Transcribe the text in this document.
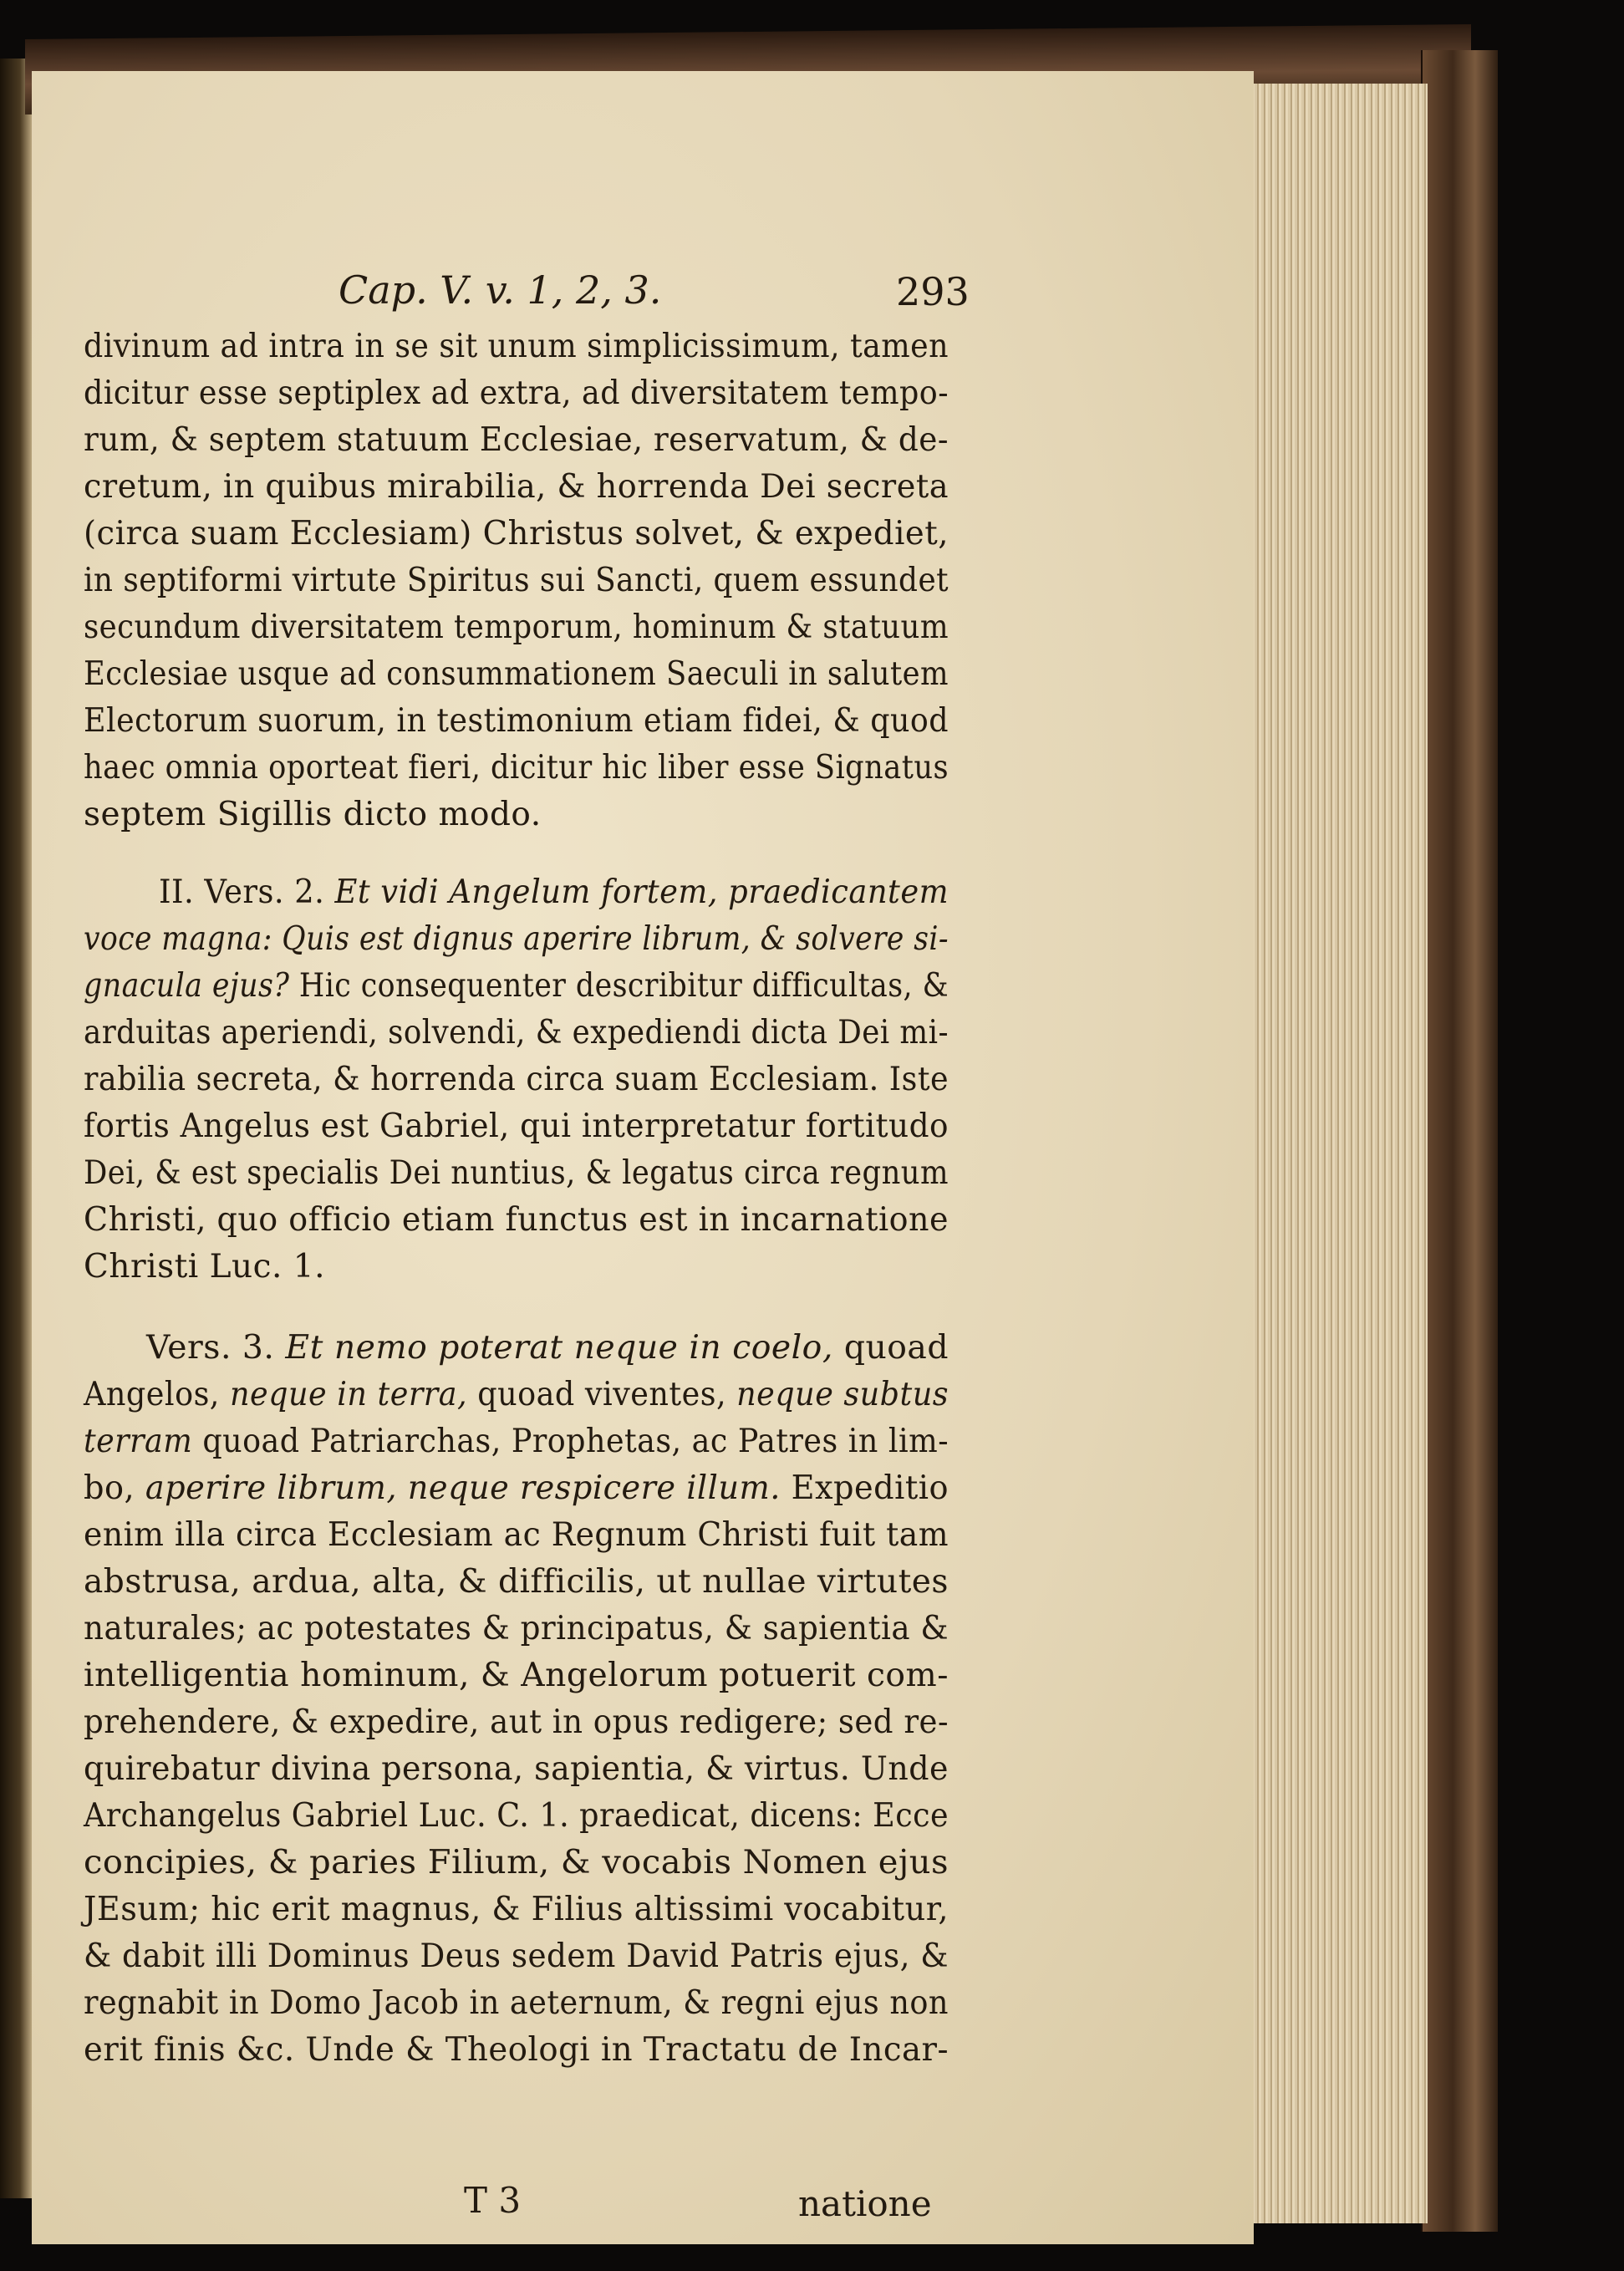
Cap. V. v. 1, 2, 3.	293
divinum ad intra in se sit unum simplicissimum, tamen
dicitur esse septiplex ad extra, ad diversitatem tempo-
rum, & septem statuum Ecclesiae, reservatum, & de-
cretum, in quibus mirabilia, & horrenda Dei secreta
(circa suam Ecclesiam) Christus solvet, & expediet,
in septiformi virtute Spiritus sui Sancti, quem essundet
secundum diversitatem temporum, hominum & statuum
Ecclesiae usque ad consummationem Saeculi in salutem
Electorum suorum, in testimonium etiam fidei, & quod
haec omnia oporteat fieri, dicitur hic liber esse Signatus
septem Sigillis dicto modo.
II. Vers. 2. Et vidi Angelum fortem, praedicantem
voce magna: Quis est dignus aperire librum, & solvere si-
gnacula ejus? Hic consequenter describitur difficultas, &
arduitas aperiendi, solvendi, & expediendi dicta Dei mi-
rabilia secreta, & horrenda circa suam Ecclesiam. Iste
fortis Angelus est Gabriel, qui interpretatur fortitudo
Dei, & est specialis Dei nuntius, & legatus circa regnum
Christi, quo officio etiam functus est in incarnatione
Christi Luc. 1.
Vers. 3. Et nemo poterat neque in coelo, quoad
Angelos, neque in terra, quoad viventes, neque subtus
terram quoad Patriarchas, Prophetas, ac Patres in lim-
bo, aperire librum, neque respicere illum. Expeditio
enim illa circa Ecclesiam ac Regnum Christi fuit tam
abstrusa, ardua, alta, & difficilis, ut nullae virtutes
naturales; ac potestates & principatus, & sapientia &
intelligentia hominum, & Angelorum potuerit com-
prehendere, & expedire, aut in opus redigere; sed re-
quirebatur divina persona, sapientia, & virtus. Unde
Archangelus Gabriel Luc. C. 1. praedicat, dicens: Ecce
concipies, & paries Filium, & vocabis Nomen ejus
JEsum; hic erit magnus, & Filius altissimi vocabitur,
& dabit illi Dominus Deus sedem David Patris ejus, &
regnabit in Domo Jacob in aeternum, & regni ejus non
erit finis &c. Unde & Theologi in Tractatu de Incar-
T 3	natione
